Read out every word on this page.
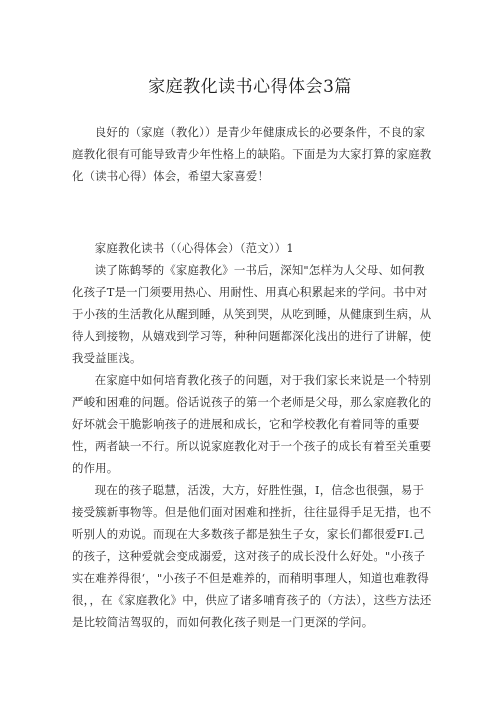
家庭教化读书心得体会3篇

良好的（家庭（教化））是青少年健康成长的必要条件，不良的家庭教化很有可能导致青少年性格上的缺陷。下面是为大家打算的家庭教化（读书心得）体会，希望大家喜爱！

家庭教化读书（（心得体会）（范文））1

读了陈鹤琴的《家庭教化》一书后，深知"怎样为人父母、如何教化孩子T是一门须要用热心、用耐性、用真心积累起来的学问。书中对于小孩的生活教化从醒到睡，从笑到哭，从吃到睡，从健康到生病，从待人到接物，从嬉戏到学习等，种种问题都深化浅出的进行了讲解，使我受益匪浅。

在家庭中如何培育教化孩子的问题，对于我们家长来说是一个特别严峻和困难的问题。俗话说孩子的第一个老师是父母，那么家庭教化的好坏就会干脆影响孩子的进展和成长，它和学校教化有着同等的重要性，两者缺一不行。所以说家庭教化对于一个孩子的成长有着至关重要的作用。

现在的孩子聪慧，活泼，大方，好胜性强，I，信念也很强，易于接受簇新事物等。但是他们面对困难和挫折，往往显得手足无措，也不听别人的劝说。而现在大多数孩子都是独生子女，家长们都很爱FI.己的孩子，这种爱就会变成溺爱，这对孩子的成长没什么好处。"小孩子实在难养得很‘，"小孩子不但是难养的，而稍明事理人，知道也难教得很，，在《家庭教化》中，供应了诸多哺育孩子的（方法），这些方法还是比较简洁驾驭的，而如何教化孩子则是一门更深的学问。
